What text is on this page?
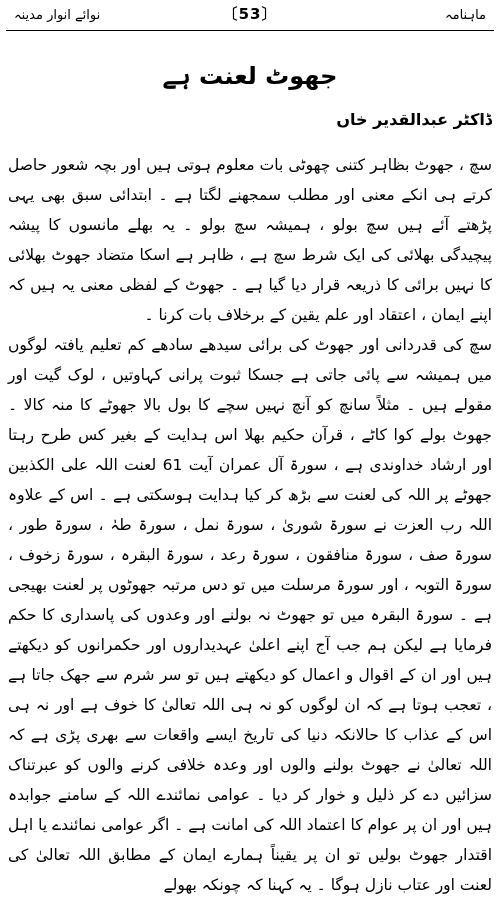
ماہنامہ
〔53〕
نوائے انوار مدینہ
جھوٹ لعنت ہے
ڈاکٹر عبدالقدیر خاں

سچ ، جھوٹ بظاہر کتنی چھوٹی بات معلوم ہوتی ہیں اور بچہ شعور حاصل کرتے ہی انکے معنی اور مطلب سمجھنے لگتا ہے ۔ ابتدائی سبق بھی یہی پڑھتے آئے ہیں سچ بولو ، ہمیشہ سچ بولو ۔ یہ بھلے مانسوں کا پیشہ پیچیدگی بھلائی کی ایک شرط سچ ہے ، ظاہر ہے اسکا متضاد جھوٹ بھلائی کا نہیں برائی کا ذریعہ قرار دیا گیا ہے ۔ جھوٹ کے لفظی معنی یہ ہیں کہ اپنے ایمان ، اعتقاد اور علم یقین کے برخلاف بات کرنا ۔

سچ کی قدردانی اور جھوٹ کی برائی سیدھے سادھے کم تعلیم یافتہ لوگوں میں ہمیشہ سے پائی جاتی ہے جسکا ثبوت پرانی کہاوتیں ، لوک گیت اور مقولے ہیں ۔ مثلاً سانچ کو آنچ نہیں سچے کا بول بالا جھوٹے کا منہ کالا ۔ جھوٹ بولے کوا کاٹے ، قرآن حکیم بھلا اس ہدایت کے بغیر کس طرح رہتا اور ارشاد خداوندی ہے ، سورۃ آل عمران آیت 61 لعنت اللہ علی الکذبین جھوٹے پر اللہ کی لعنت سے بڑھ کر کیا ہدایت ہوسکتی ہے ۔ اس کے علاوہ اللہ رب العزت نے سورۃ شوریٰ ، سورۃ نمل ، سورۃ طہٰ ، سورۃ طور ، سورۃ صف ، سورۃ منافقون ، سورۃ رعد ، سورۃ البقرہ ، سورۃ زخوف ، سورۃ التوبہ ، اور سورۃ مرسلت میں تو دس مرتبہ جھوٹوں پر لعنت بھیجی ہے ۔ سورۃ البقرہ میں تو جھوٹ نہ بولنے اور وعدوں کی پاسداری کا حکم فرمایا ہے لیکن ہم جب آج اپنے اعلیٰ عہدیداروں اور حکمرانوں کو دیکھتے ہیں اور ان کے اقوال و اعمال کو دیکھتے ہیں تو سر شرم سے جھک جاتا ہے ، تعجب ہوتا ہے کہ ان لوگوں کو نہ ہی اللہ تعالیٰ کا خوف ہے اور نہ ہی اس کے عذاب کا حالانکہ دنیا کی تاریخ ایسے واقعات سے بھری پڑی ہے کہ اللہ تعالیٰ نے جھوٹ بولنے والوں اور وعدہ خلافی کرنے والوں کو عبرتناک سزائیں دے کر ذلیل و خوار کر دیا ۔ عوامی نمائندے اللہ کے سامنے جوابدہ ہیں اور ان پر عوام کا اعتماد اللہ کی امانت ہے ۔ اگر عوامی نمائندے یا اہل اقتدار جھوٹ بولیں تو ان پر یقیناً ہمارے ایمان کے مطابق اللہ تعالیٰ کی لعنت اور عتاب نازل ہوگا ۔ یہ کہنا کہ چونکہ بھولے
